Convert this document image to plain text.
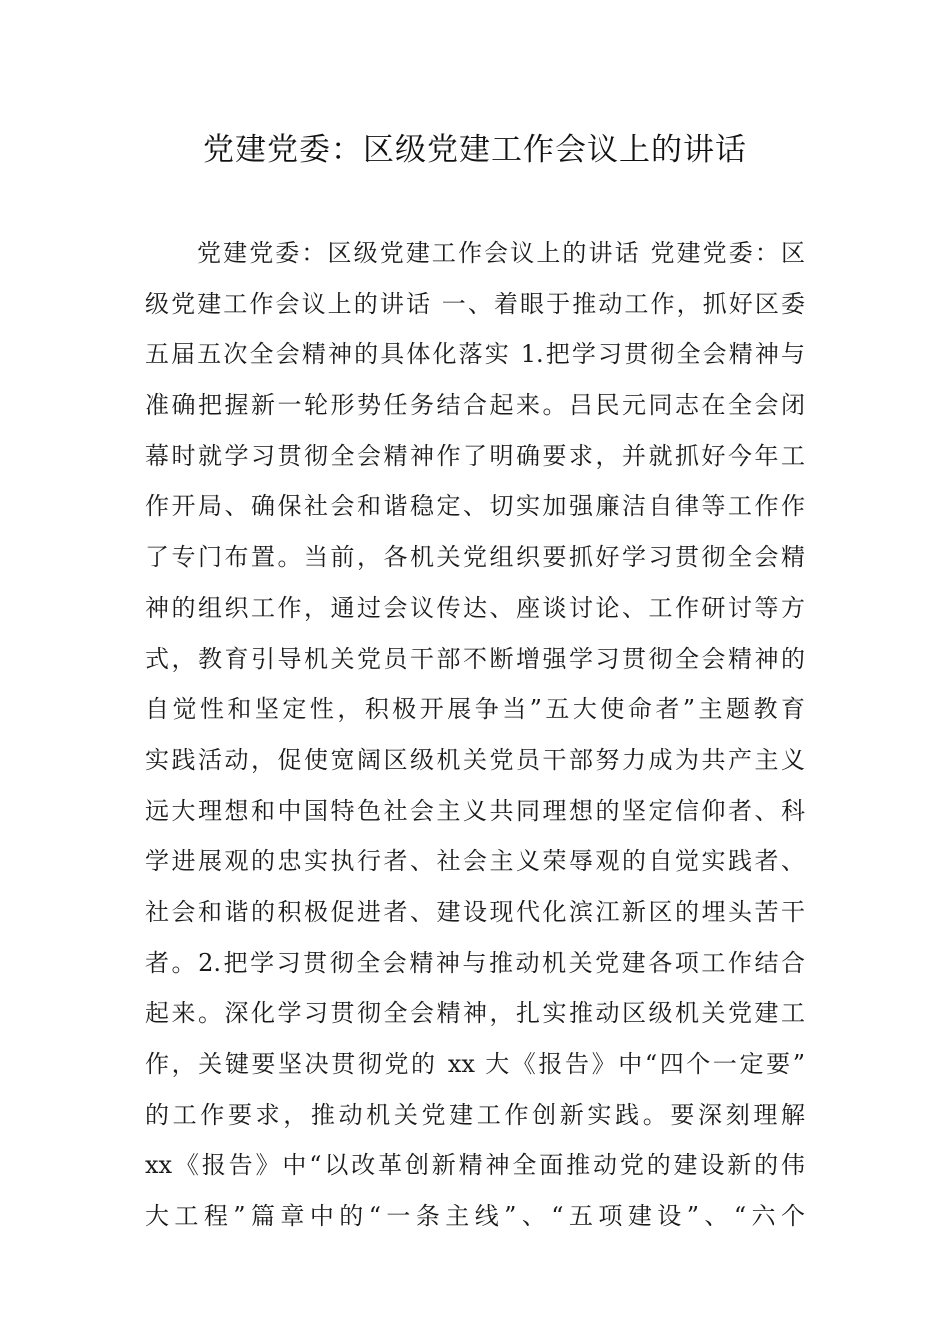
党建党委：区级党建工作会议上的讲话
党建党委：区级党建工作会议上的讲话 党建党委：区
级党建工作会议上的讲话 一、着眼于推动工作，抓好区委
五届五次全会精神的具体化落实 1.把学习贯彻全会精神与
准确把握新一轮形势任务结合起来。吕民元同志在全会闭
幕时就学习贯彻全会精神作了明确要求，并就抓好今年工
作开局、确保社会和谐稳定、切实加强廉洁自律等工作作
了专门布置。当前，各机关党组织要抓好学习贯彻全会精
神的组织工作，通过会议传达、座谈讨论、工作研讨等方
式，教育引导机关党员干部不断增强学习贯彻全会精神的
自觉性和坚定性，积极开展争当”五大使命者”主题教育
实践活动，促使宽阔区级机关党员干部努力成为共产主义
远大理想和中国特色社会主义共同理想的坚定信仰者、科
学进展观的忠实执行者、社会主义荣辱观的自觉实践者、
社会和谐的积极促进者、建设现代化滨江新区的埋头苦干
者。2.把学习贯彻全会精神与推动机关党建各项工作结合
起来。深化学习贯彻全会精神，扎实推动区级机关党建工
作，关键要坚决贯彻党的 xx 大《报告》中“四个一定要”
的工作要求，推动机关党建工作创新实践。要深刻理解
xx《报告》中“以改革创新精神全面推动党的建设新的伟
大工程”篇章中的“一条主线”、“五项建设”、“六个
